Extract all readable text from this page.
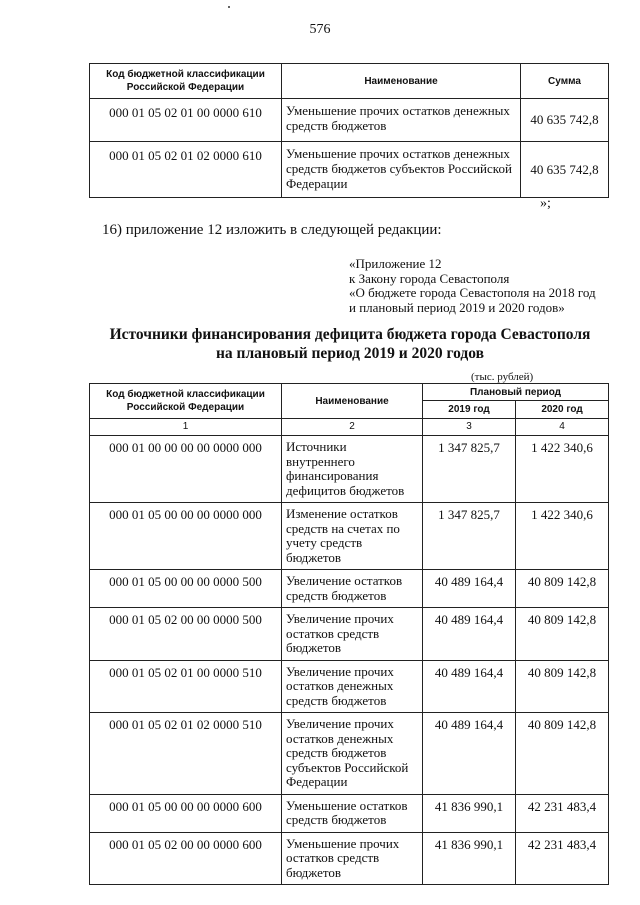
576
Код бюджетной классификации Российской Федерации	Наименование	Сумма
000 01 05 02 01 00 0000 610	Уменьшение прочих остатков денежных средств бюджетов	40 635 742,8
000 01 05 02 01 02 0000 610	Уменьшение прочих остатков денежных средств бюджетов субъектов Российской Федерации	40 635 742,8
»;
16) приложение 12 изложить в следующей редакции:
«Приложение 12
к Закону города Севастополя
«О бюджете города Севастополя на 2018 год
и плановый период 2019 и 2020 годов»
Источники финансирования дефицита бюджета города Севастополя
на плановый период 2019 и 2020 годов
(тыс. рублей)
Код бюджетной классификации Российской Федерации	Наименование	Плановый период	
		2019 год	2020 год
1	2	3	4
000 01 00 00 00 00 0000 000	Источники внутреннего финансирования дефицитов бюджетов	1 347 825,7	1 422 340,6
000 01 05 00 00 00 0000 000	Изменение остатков средств на счетах по учету средств бюджетов	1 347 825,7	1 422 340,6
000 01 05 00 00 00 0000 500	Увеличение остатков средств бюджетов	40 489 164,4	40 809 142,8
000 01 05 02 00 00 0000 500	Увеличение прочих остатков средств бюджетов	40 489 164,4	40 809 142,8
000 01 05 02 01 00 0000 510	Увеличение прочих остатков денежных средств бюджетов	40 489 164,4	40 809 142,8
000 01 05 02 01 02 0000 510	Увеличение прочих остатков денежных средств бюджетов субъектов Российской Федерации	40 489 164,4	40 809 142,8
000 01 05 00 00 00 0000 600	Уменьшение остатков средств бюджетов	41 836 990,1	42 231 483,4
000 01 05 02 00 00 0000 600	Уменьшение прочих остатков средств бюджетов	41 836 990,1	42 231 483,4
